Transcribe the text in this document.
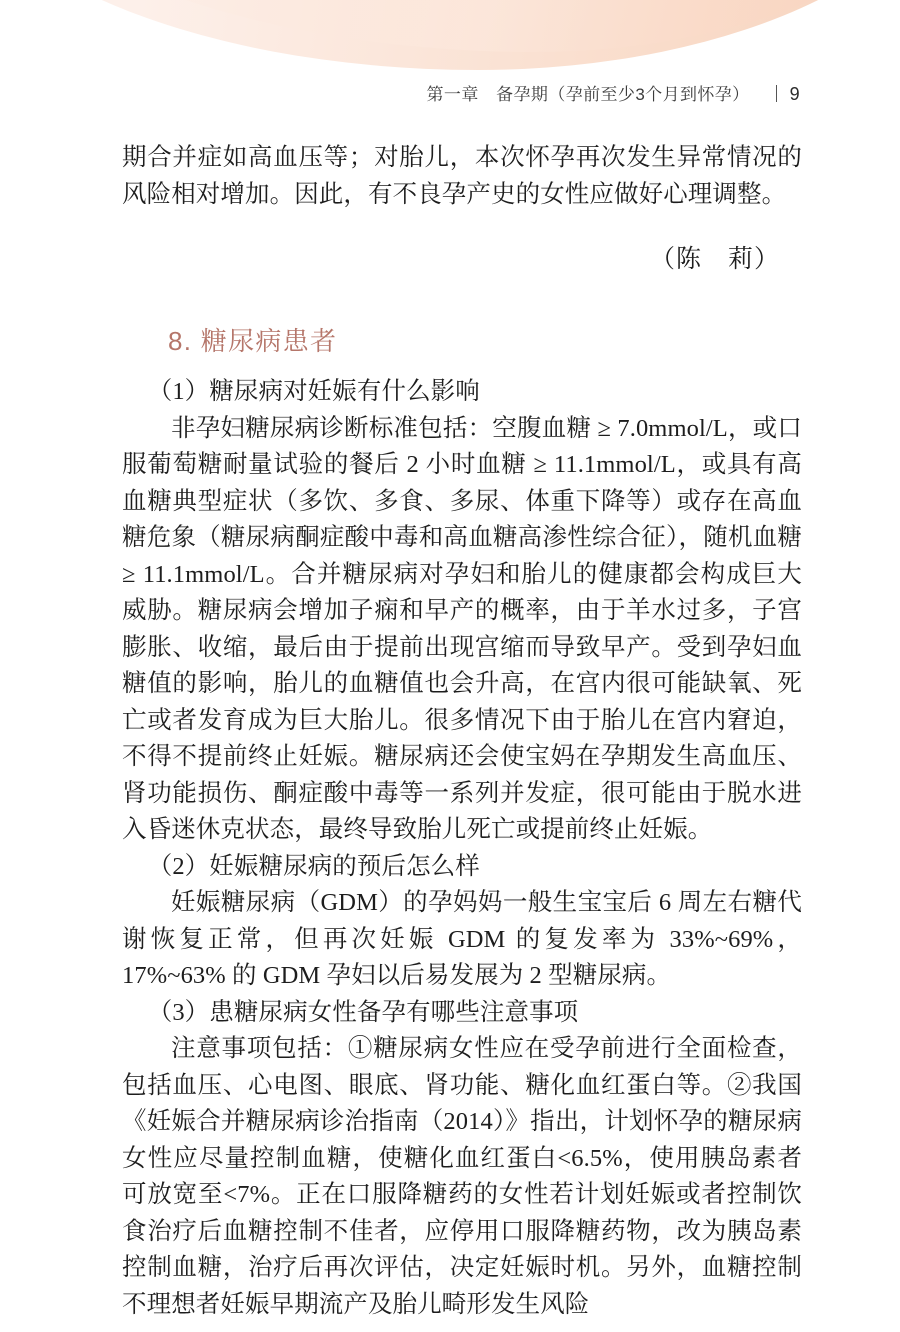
第一章　备孕期（孕前至少3个月到怀孕） 9

期合并症如高血压等；对胎儿，本次怀孕再次发生异常情况的风险相对增加。因此，有不良孕产史的女性应做好心理调整。

（陈　莉）

8. 糖尿病患者

（1）糖尿病对妊娠有什么影响

非孕妇糖尿病诊断标准包括：空腹血糖 ≥ 7.0mmol/L，或口服葡萄糖耐量试验的餐后 2 小时血糖 ≥ 11.1mmol/L，或具有高血糖典型症状（多饮、多食、多尿、体重下降等）或存在高血糖危象（糖尿病酮症酸中毒和高血糖高渗性综合征），随机血糖 ≥ 11.1mmol/L。合并糖尿病对孕妇和胎儿的健康都会构成巨大威胁。糖尿病会增加子痫和早产的概率，由于羊水过多，子宫膨胀、收缩，最后由于提前出现宫缩而导致早产。受到孕妇血糖值的影响，胎儿的血糖值也会升高，在宫内很可能缺氧、死亡或者发育成为巨大胎儿。很多情况下由于胎儿在宫内窘迫，不得不提前终止妊娠。糖尿病还会使宝妈在孕期发生高血压、肾功能损伤、酮症酸中毒等一系列并发症，很可能由于脱水进入昏迷休克状态，最终导致胎儿死亡或提前终止妊娠。

（2）妊娠糖尿病的预后怎么样

妊娠糖尿病（GDM）的孕妈妈一般生宝宝后 6 周左右糖代谢恢复正常，但再次妊娠 GDM 的复发率为 33%~69%，17%~63% 的 GDM 孕妇以后易发展为 2 型糖尿病。

（3）患糖尿病女性备孕有哪些注意事项

注意事项包括：①糖尿病女性应在受孕前进行全面检查，包括血压、心电图、眼底、肾功能、糖化血红蛋白等。②我国《妊娠合并糖尿病诊治指南（2014）》指出，计划怀孕的糖尿病女性应尽量控制血糖，使糖化血红蛋白<6.5%，使用胰岛素者可放宽至<7%。正在口服降糖药的女性若计划妊娠或者控制饮食治疗后血糖控制不佳者，应停用口服降糖药物，改为胰岛素控制血糖，治疗后再次评估，决定妊娠时机。另外，血糖控制不理想者妊娠早期流产及胎儿畸形发生风险
